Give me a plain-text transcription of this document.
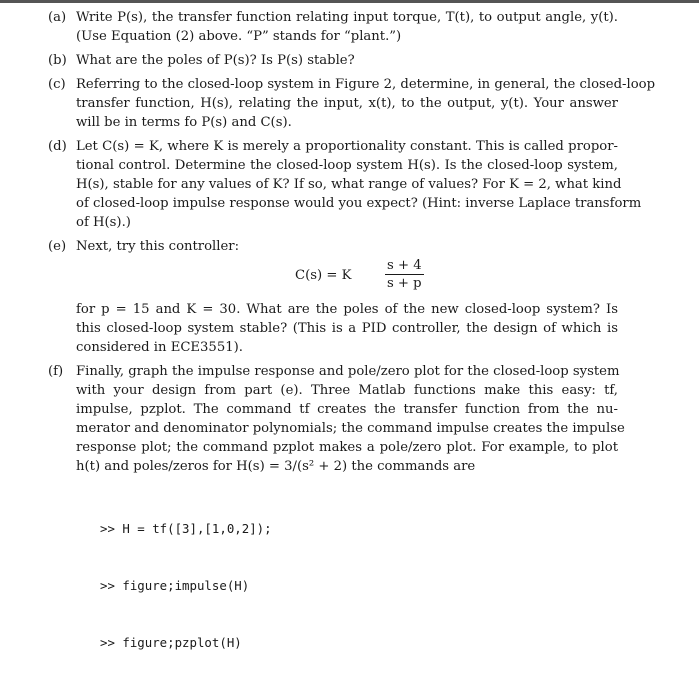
(a) Write P(s), the transfer function relating input torque, T(t), to output angle, y(t).
(Use Equation (2) above. “P” stands for “plant.”)
(b) What are the poles of P(s)? Is P(s) stable?
(c) Referring to the closed-loop system in Figure 2, determine, in general, the closed-loop
transfer function, H(s), relating the input, x(t), to the output, y(t). Your answer
will be in terms fo P(s) and C(s).
(d) Let C(s) = K, where K is merely a proportionality constant. This is called propor-
tional control. Determine the closed-loop system H(s). Is the closed-loop system,
H(s), stable for any values of K? If so, what range of values? For K = 2, what kind
of closed-loop impulse response would you expect? (Hint: inverse Laplace transform
of H(s).)
(e) Next, try this controller:
C(s) = K	$\frac{s + 4}{s + p}$
for p = 15 and K = 30. What are the poles of the new closed-loop system? Is
this closed-loop system stable? (This is a PID controller, the design of which is
considered in ECE3551).
(f) Finally, graph the impulse response and pole/zero plot for the closed-loop system
with your design from part (e). Three Matlab functions make this easy: tf,
impulse, pzplot. The command tf creates the transfer function from the nu-
merator and denominator polynomials; the command impulse creates the impulse
response plot; the command pzplot makes a pole/zero plot. For example, to plot
h(t) and poles/zeros for H(s) = 3/(s² + 2) the commands are

>> H = tf([3],[1,0,2]);

>> figure;impulse(H)

>> figure;pzplot(H)
